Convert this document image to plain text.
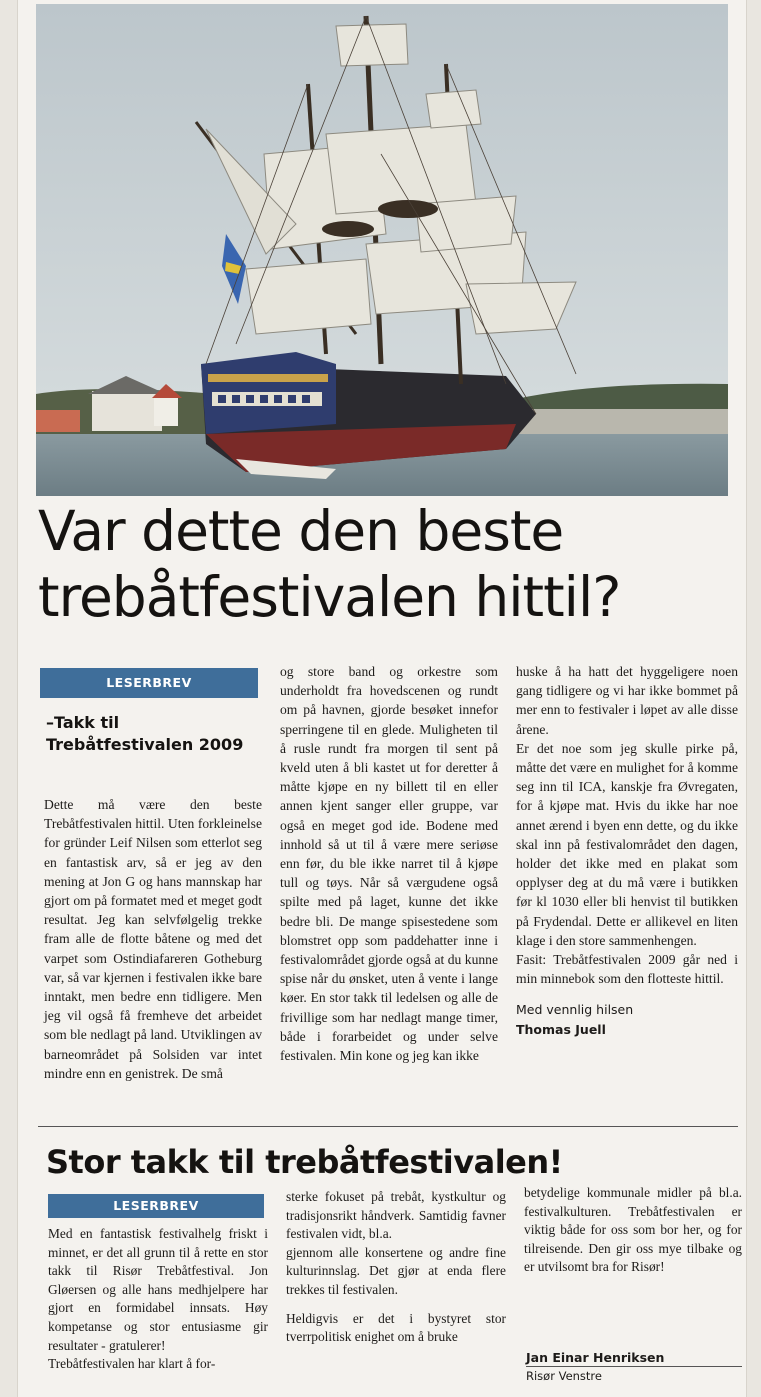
Var dette den beste trebåtfestivalen hittil?
LESERBREV
–Takk til Trebåtfestivalen 2009

Dette må være den beste Trebåtfestivalen hittil. Uten forkleinelse for gründer Leif Nilsen som etterlot seg en fantastisk arv, så er jeg av den mening at Jon G og hans mannskap har gjort om på formatet med et meget godt resultat. Jeg kan selvfølgelig trekke fram alle de flotte båtene og med det varpet som Ostindiafareren Gotheburg var, så var kjernen i festivalen ikke bare inntakt, men bedre enn tidligere. Men jeg vil også få fremheve det arbeidet som ble nedlagt på land. Utviklingen av barneområdet på Solsiden var intet mindre enn en genistrek. De små

og store band og orkestre som underholdt fra hovedscenen og rundt om på havnen, gjorde besøket innefor sperringene til en glede. Muligheten til å rusle rundt fra morgen til sent på kveld uten å bli kastet ut for deretter å måtte kjøpe en ny billett til en eller annen kjent sanger eller gruppe, var også en meget god ide. Bodene med innhold så ut til å være mere seriøse enn før, du ble ikke narret til å kjøpe tull og tøys. Når så værgudene også spilte med på laget, kunne det ikke bedre bli. De mange spisestedene som blomstret opp som paddehatter inne i festivalområdet gjorde også at du kunne spise når du ønsket, uten å vente i lange køer. En stor takk til ledelsen og alle de frivillige som har nedlagt mange timer, både i forarbeidet og under selve festivalen. Min kone og jeg kan ikke

huske å ha hatt det hyggeligere noen gang tidligere og vi har ikke bommet på mer enn to festivaler i løpet av alle disse årene.

Er det noe som jeg skulle pirke på, måtte det være en mulighet for å komme seg inn til ICA, kanskje fra Øvregaten, for å kjøpe mat. Hvis du ikke har noe annet ærend i byen enn dette, og du ikke skal inn på festivalområdet den dagen, holder det ikke med en plakat som opplyser deg at du må være i butikken før kl 1030 eller bli henvist til butikken på Frydendal. Dette er allikevel en liten klage i den store sammenhengen.

Fasit: Trebåtfestivalen 2009 går ned i min minnebok som den flotteste hittil.

Med vennlig hilsen

Thomas Juell

Stor takk til trebåtfestivalen!
LESERBREV

Med en fantastisk festivalhelg friskt i minnet, er det all grunn til å rette en stor takk til Risør Trebåtfestival. Jon Gløersen og alle hans medhjelpere har gjort en formidabel innsats. Høy kompetanse og stor entusiasme gir resultater - gratulerer!

Trebåtfestivalen har klart å for-

sterke fokuset på trebåt, kystkultur og tradisjonsrikt håndverk. Samtidig favner festivalen vidt, bl.a.

gjennom alle konsertene og andre fine kulturinnslag. Det gjør at enda flere trekkes til festivalen.

Heldigvis er det i bystyret stor tverrpolitisk enighet om å bruke

betydelige kommunale midler på bl.a. festivalkulturen. Trebåtfestivalen er viktig både for oss som bor her, og for tilreisende. Den gir oss mye tilbake og er utvilsomt bra for Risør!

Jan Einar Henriksen
Risør Venstre
